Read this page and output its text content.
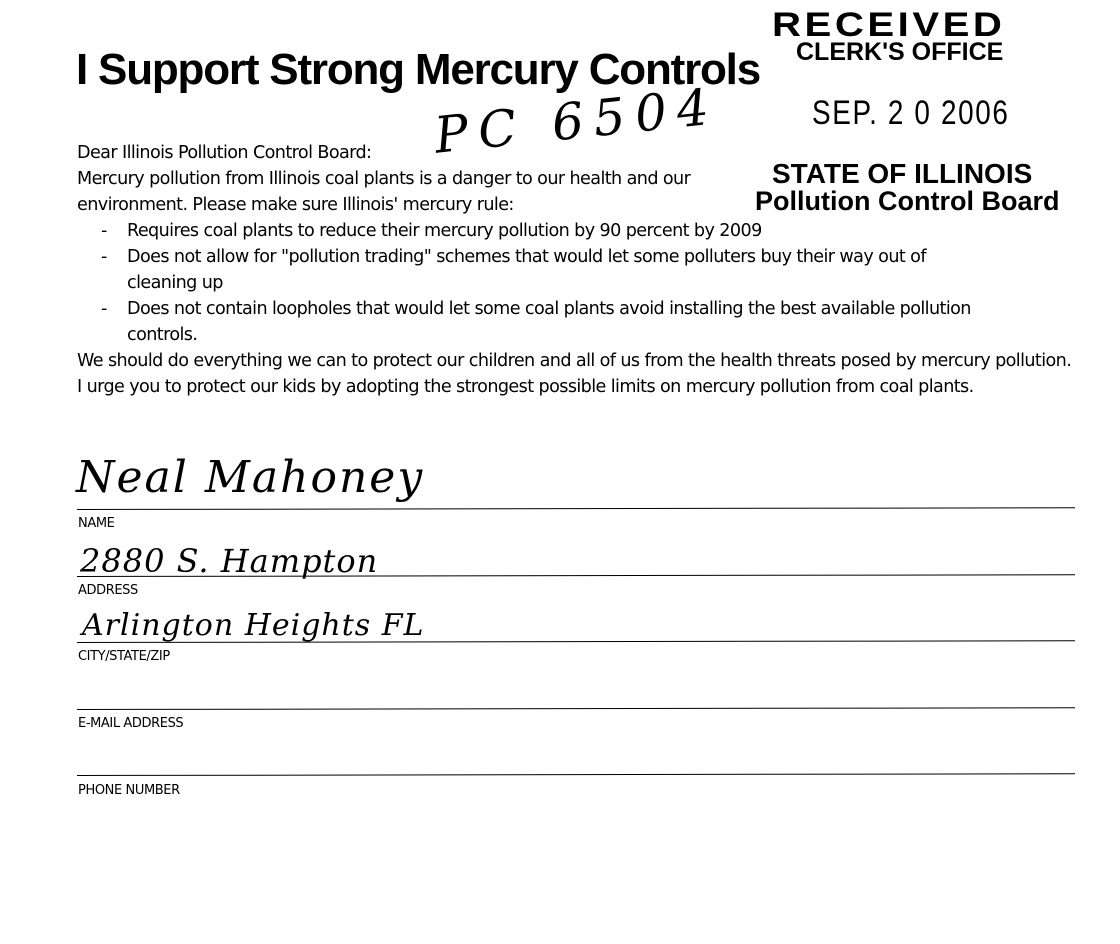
I Support Strong Mercury Controls
RECEIVED
CLERK'S OFFICE
SEP. 2 0 2006
PC 6504

Dear Illinois Pollution Control Board:

Mercury pollution from Illinois coal plants is a danger to our health and our environment. Please make sure Illinois' mercury rule:

- Requires coal plants to reduce their mercury pollution by 90 percent by 2009
- Does not allow for "pollution trading" schemes that would let some polluters buy their way out of cleaning up
- Does not contain loopholes that would let some coal plants avoid installing the best available pollution controls.

We should do everything we can to protect our children and all of us from the health threats posed by mercury pollution. I urge you to protect our kids by adopting the strongest possible limits on mercury pollution from coal plants.

STATE OF ILLINOIS
Pollution Control Board
Neal Mahoney
NAME
2880 S. Hampton
ADDRESS
Arlington Heights FL
CITY/STATE/ZIP
E-MAIL ADDRESS
PHONE NUMBER
